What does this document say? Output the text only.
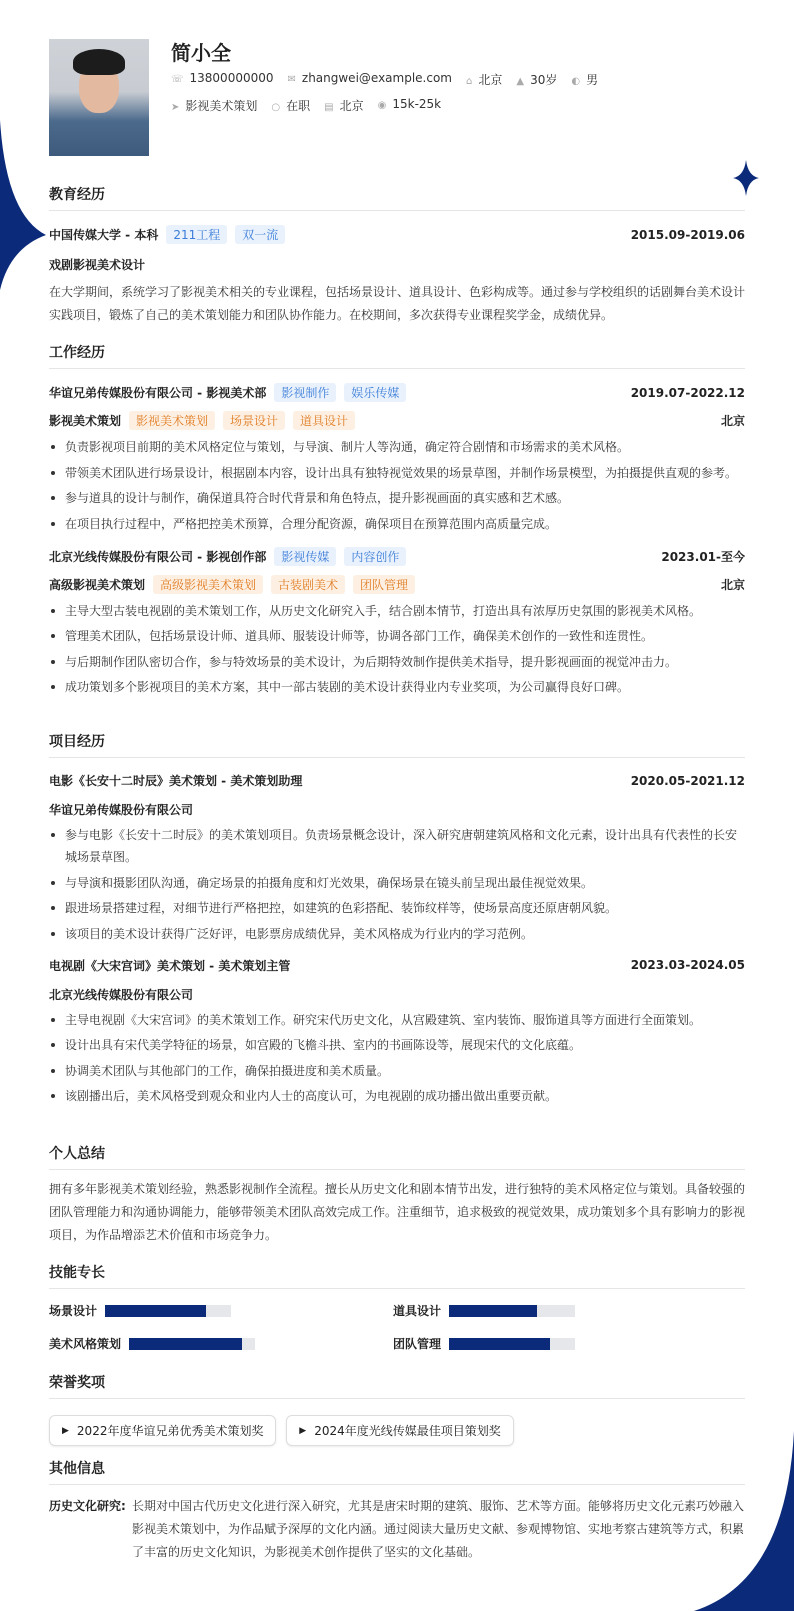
简小全
☏ 13800000000 ✉ zhangwei@example.com ⌂ 北京 ▲ 30岁 ◐ 男
➤ 影视美术策划 ○ 在职 ▤ 北京 ◉ 15k-25k
教育经历
中国传媒大学 - 本科 211工程 双一流	2015.09-2019.06
戏剧影视美术设计
在大学期间，系统学习了影视美术相关的专业课程，包括场景设计、道具设计、色彩构成等。通过参与学校组织的话剧舞台美术设计实践项目，锻炼了自己的美术策划能力和团队协作能力。在校期间，多次获得专业课程奖学金，成绩优异。
工作经历
华谊兄弟传媒股份有限公司 - 影视美术部 影视制作 娱乐传媒	2019.07-2022.12
影视美术策划 影视美术策划 场景设计 道具设计	北京
负责影视项目前期的美术风格定位与策划，与导演、制片人等沟通，确定符合剧情和市场需求的美术风格。
带领美术团队进行场景设计，根据剧本内容，设计出具有独特视觉效果的场景草图，并制作场景模型，为拍摄提供直观的参考。
参与道具的设计与制作，确保道具符合时代背景和角色特点，提升影视画面的真实感和艺术感。
在项目执行过程中，严格把控美术预算，合理分配资源，确保项目在预算范围内高质量完成。
北京光线传媒股份有限公司 - 影视创作部 影视传媒 内容创作	2023.01-至今
高级影视美术策划 高级影视美术策划 古装剧美术 团队管理	北京
主导大型古装电视剧的美术策划工作，从历史文化研究入手，结合剧本情节，打造出具有浓厚历史氛围的影视美术风格。
管理美术团队，包括场景设计师、道具师、服装设计师等，协调各部门工作，确保美术创作的一致性和连贯性。
与后期制作团队密切合作，参与特效场景的美术设计，为后期特效制作提供美术指导，提升影视画面的视觉冲击力。
成功策划多个影视项目的美术方案，其中一部古装剧的美术设计获得业内专业奖项，为公司赢得良好口碑。
项目经历
电影《长安十二时辰》美术策划 - 美术策划助理	2020.05-2021.12
华谊兄弟传媒股份有限公司
参与电影《长安十二时辰》的美术策划项目。负责场景概念设计，深入研究唐朝建筑风格和文化元素，设计出具有代表性的长安城场景草图。
与导演和摄影团队沟通，确定场景的拍摄角度和灯光效果，确保场景在镜头前呈现出最佳视觉效果。
跟进场景搭建过程，对细节进行严格把控，如建筑的色彩搭配、装饰纹样等，使场景高度还原唐朝风貌。
该项目的美术设计获得广泛好评，电影票房成绩优异，美术风格成为行业内的学习范例。
电视剧《大宋宫词》美术策划 - 美术策划主管	2023.03-2024.05
北京光线传媒股份有限公司
主导电视剧《大宋宫词》的美术策划工作。研究宋代历史文化，从宫殿建筑、室内装饰、服饰道具等方面进行全面策划。
设计出具有宋代美学特征的场景，如宫殿的飞檐斗拱、室内的书画陈设等，展现宋代的文化底蕴。
协调美术团队与其他部门的工作，确保拍摄进度和美术质量。
该剧播出后，美术风格受到观众和业内人士的高度认可，为电视剧的成功播出做出重要贡献。
个人总结
拥有多年影视美术策划经验，熟悉影视制作全流程。擅长从历史文化和剧本情节出发，进行独特的美术风格定位与策划。具备较强的团队管理能力和沟通协调能力，能够带领美术团队高效完成工作。注重细节，追求极致的视觉效果，成功策划多个具有影响力的影视项目，为作品增添艺术价值和市场竞争力。
技能专长
场景设计	道具设计
美术风格策划	团队管理
荣誉奖项
▶ 2022年度华谊兄弟优秀美术策划奖
	▶ 2024年度光线传媒最佳项目策划奖
其他信息
历史文化研究: 长期对中国古代历史文化进行深入研究，尤其是唐宋时期的建筑、服饰、艺术等方面。能够将历史文化元素巧妙融入影视美术策划中，为作品赋予深厚的文化内涵。通过阅读大量历史文献、参观博物馆、实地考察古建筑等方式，积累了丰富的历史文化知识，为影视美术创作提供了坚实的文化基础。
